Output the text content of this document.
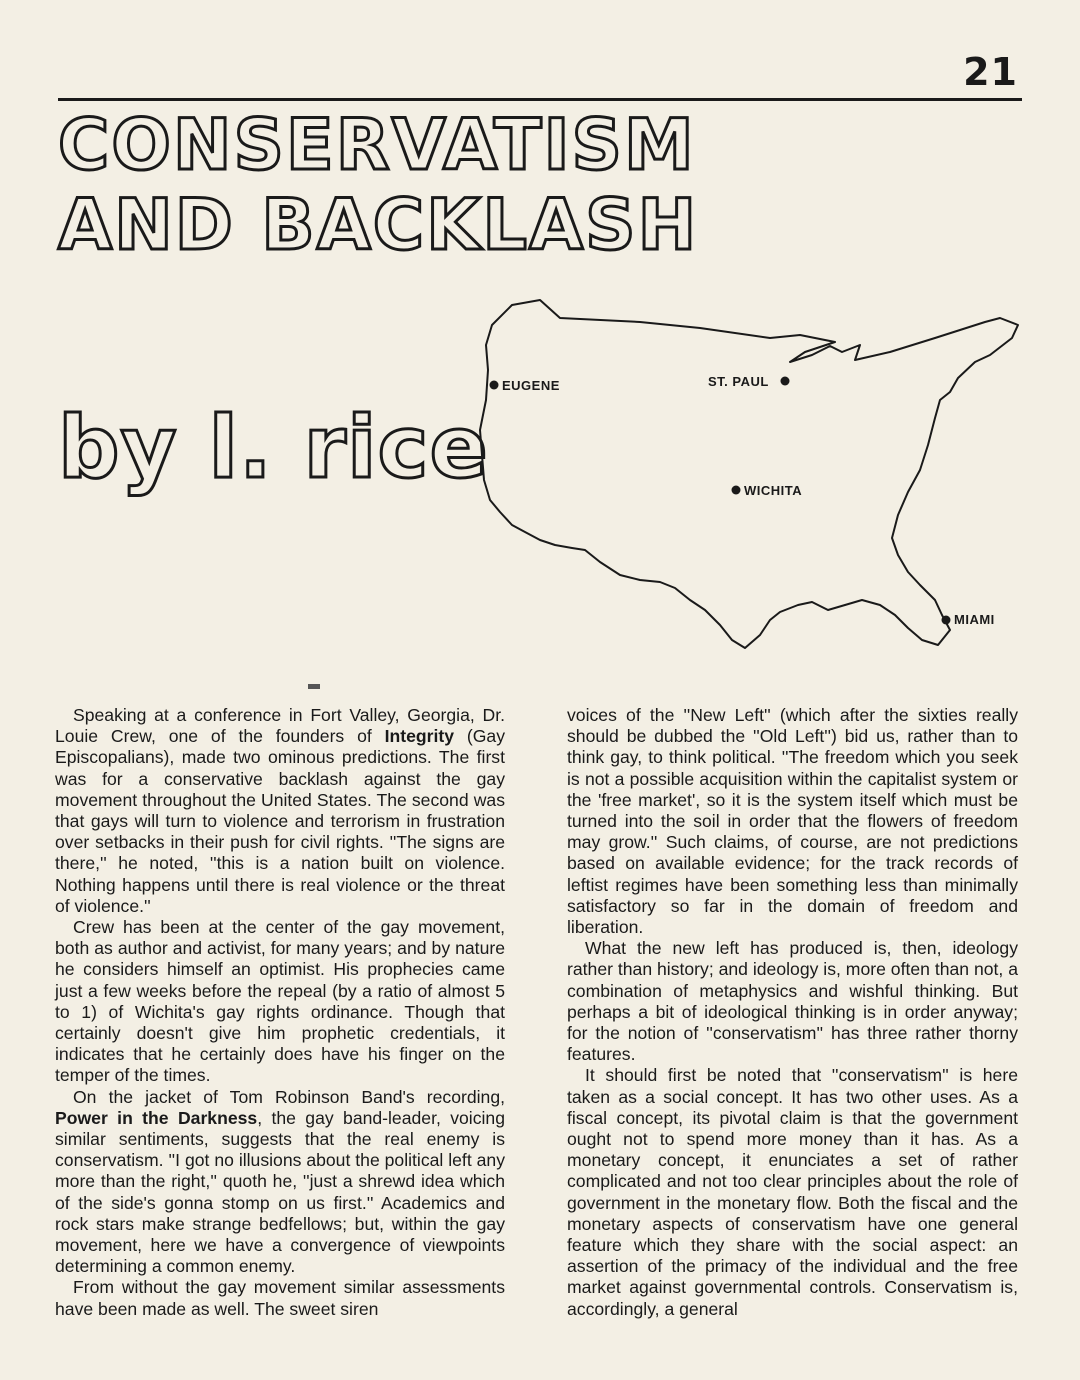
21
CONSERVATISM
AND BACKLASH
by l. rice
EUGENE	ST. PAUL
WICHITA
MIAMI

Speaking at a conference in Fort Valley, Georgia, Dr. Louie Crew, one of the founders of Integrity (Gay Episcopalians), made two ominous predictions. The first was for a conservative backlash against the gay movement throughout the United States. The second was that gays will turn to violence and terrorism in frustration over setbacks in their push for civil rights. ''The signs are there,'' he noted, ''this is a nation built on violence. Nothing happens until there is real violence or the threat of violence.''

Crew has been at the center of the gay movement, both as author and activist, for many years; and by nature he considers himself an optimist. His prophecies came just a few weeks before the repeal (by a ratio of almost 5 to 1) of Wichita's gay rights ordinance. Though that certainly doesn't give him prophetic credentials, it indicates that he certainly does have his finger on the temper of the times.

On the jacket of Tom Robinson Band's recording, Power in the Darkness, the gay band-leader, voicing similar sentiments, suggests that the real enemy is conservatism. ''I got no illusions about the political left any more than the right,'' quoth he, ''just a shrewd idea which of the side's gonna stomp on us first.'' Academics and rock stars make strange bedfellows; but, within the gay movement, here we have a convergence of viewpoints determining a common enemy.

From without the gay movement similar assessments have been made as well. The sweet siren

voices of the ''New Left'' (which after the sixties really should be dubbed the ''Old Left'') bid us, rather than to think gay, to think political. ''The freedom which you seek is not a possible acquisition within the capitalist system or the 'free market', so it is the system itself which must be turned into the soil in order that the flowers of freedom may grow.'' Such claims, of course, are not predictions based on available evidence; for the track records of leftist regimes have been something less than minimally satisfactory so far in the domain of freedom and liberation.

What the new left has produced is, then, ideology rather than history; and ideology is, more often than not, a combination of metaphysics and wishful thinking. But perhaps a bit of ideological thinking is in order anyway; for the notion of ''conservatism'' has three rather thorny features.

It should first be noted that ''conservatism'' is here taken as a social concept. It has two other uses. As a fiscal concept, its pivotal claim is that the government ought not to spend more money than it has. As a monetary concept, it enunciates a set of rather complicated and not too clear principles about the role of government in the monetary flow. Both the fiscal and the monetary aspects of conservatism have one general feature which they share with the social aspect: an assertion of the primacy of the individual and the free market against governmental controls. Conservatism is, accordingly, a general
